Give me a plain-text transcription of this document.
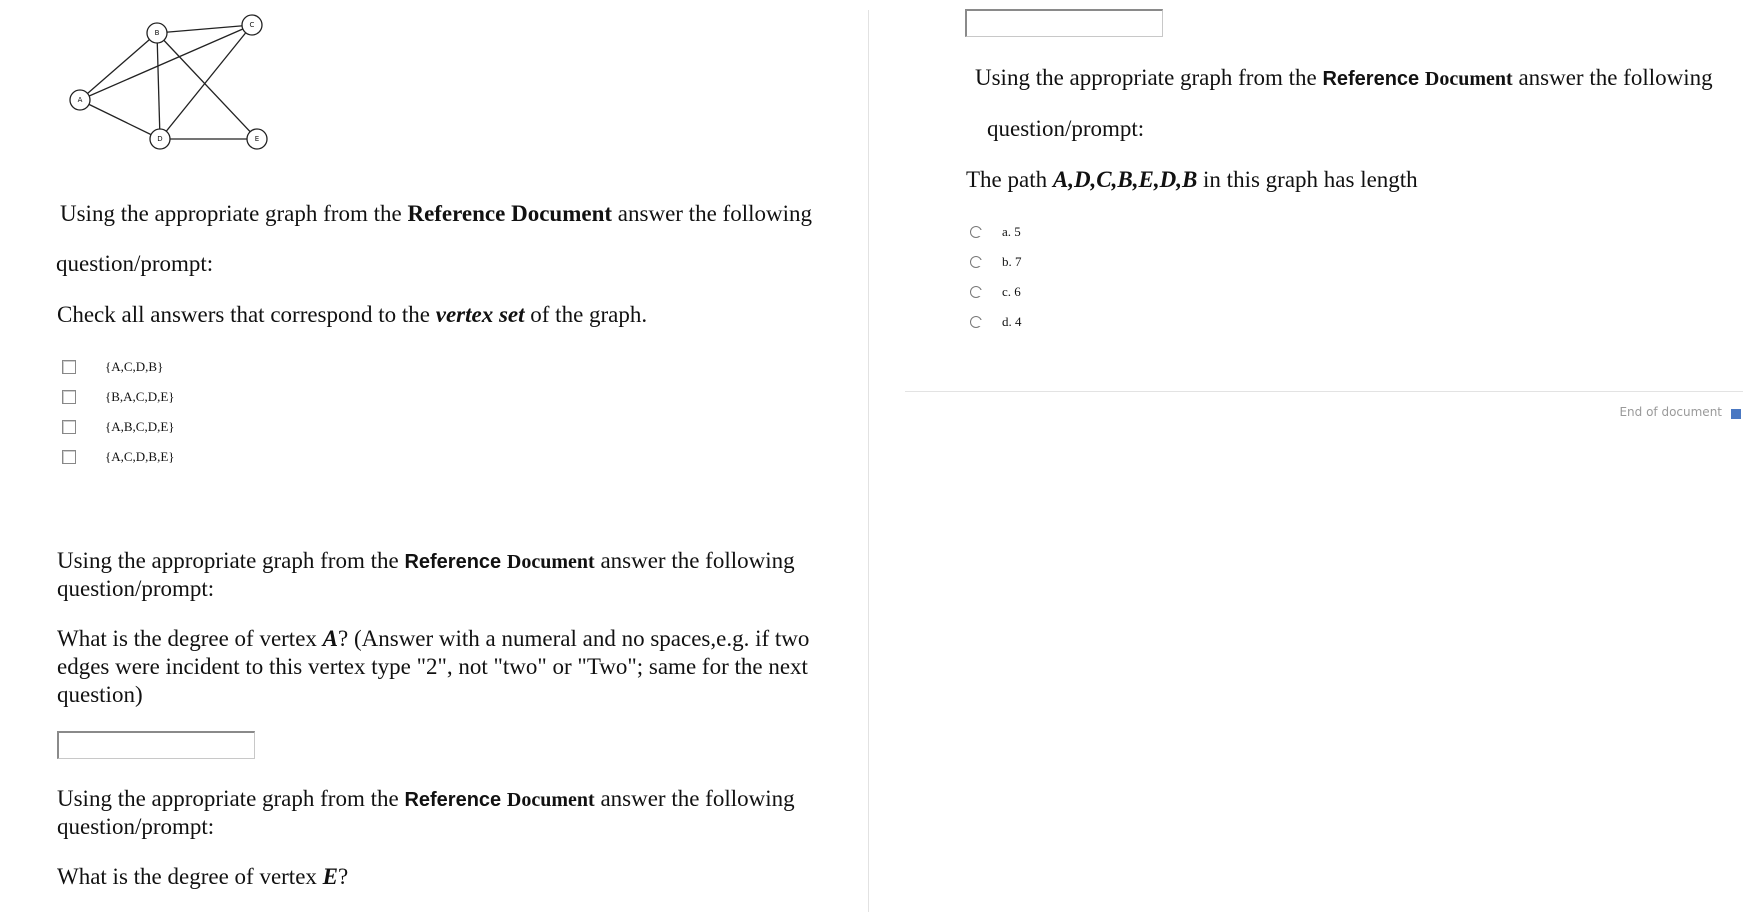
A
B
C
D	E
Using the appropriate graph from the Reference Document answer the following
question/prompt:
Check all answers that correspond to the vertex set of the graph.
{A,C,D,B}
{B,A,C,D,E}
{A,B,C,D,E}
{A,C,D,B,E}
Using the appropriate graph from the Reference Document answer the following
question/prompt:
What is the degree of vertex A? (Answer with a numeral and no spaces,e.g. if two
edges were incident to this vertex type "2", not "two" or "Two"; same for the next
question)
Using the appropriate graph from the Reference Document answer the following
question/prompt:
What is the degree of vertex E?
Using the appropriate graph from the Reference Document answer the following
question/prompt:
The path A,D,C,B,E,D,B in this graph has length
a. 5
b. 7
c. 6
d. 4
End of document
